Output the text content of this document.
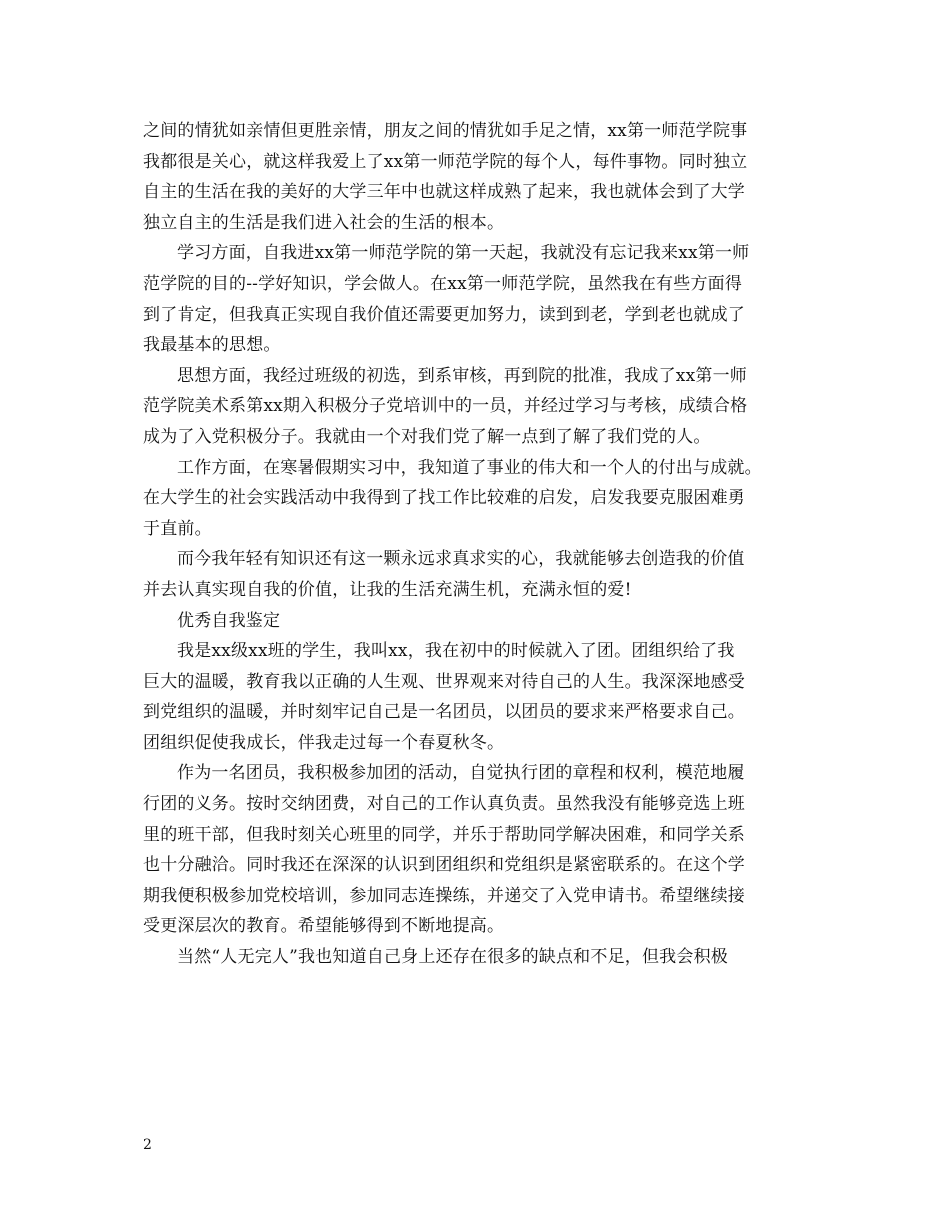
之间的情犹如亲情但更胜亲情，朋友之间的情犹如手足之情，xx第一师范学院事
我都很是关心，就这样我爱上了xx第一师范学院的每个人，每件事物。同时独立
自主的生活在我的美好的大学三年中也就这样成熟了起来，我也就体会到了大学
独立自主的生活是我们进入社会的生活的根本。
学习方面，自我进xx第一师范学院的第一天起，我就没有忘记我来xx第一师
范学院的目的--学好知识，学会做人。在xx第一师范学院，虽然我在有些方面得
到了肯定，但我真正实现自我价值还需要更加努力，读到到老，学到老也就成了
我最基本的思想。
思想方面，我经过班级的初选，到系审核，再到院的批准，我成了xx第一师
范学院美术系第xx期入积极分子党培训中的一员，并经过学习与考核，成绩合格
成为了入党积极分子。我就由一个对我们党了解一点到了解了我们党的人。
工作方面，在寒暑假期实习中，我知道了事业的伟大和一个人的付出与成就。
在大学生的社会实践活动中我得到了找工作比较难的启发，启发我要克服困难勇
于直前。
而今我年轻有知识还有这一颗永远求真求实的心，我就能够去创造我的价值
并去认真实现自我的价值，让我的生活充满生机，充满永恒的爱!
优秀自我鉴定
我是xx级xx班的学生，我叫xx，我在初中的时候就入了团。团组织给了我
巨大的温暖，教育我以正确的人生观、世界观来对待自己的人生。我深深地感受
到党组织的温暖，并时刻牢记自己是一名团员，以团员的要求来严格要求自己。
团组织促使我成长，伴我走过每一个春夏秋冬。
作为一名团员，我积极参加团的活动，自觉执行团的章程和权利，模范地履
行团的义务。按时交纳团费，对自己的工作认真负责。虽然我没有能够竞选上班
里的班干部，但我时刻关心班里的同学，并乐于帮助同学解决困难，和同学关系
也十分融洽。同时我还在深深的认识到团组织和党组织是紧密联系的。在这个学
期我便积极参加党校培训，参加同志连操练，并递交了入党申请书。希望继续接
受更深层次的教育。希望能够得到不断地提高。
当然“人无完人”我也知道自己身上还存在很多的缺点和不足，但我会积极
2
